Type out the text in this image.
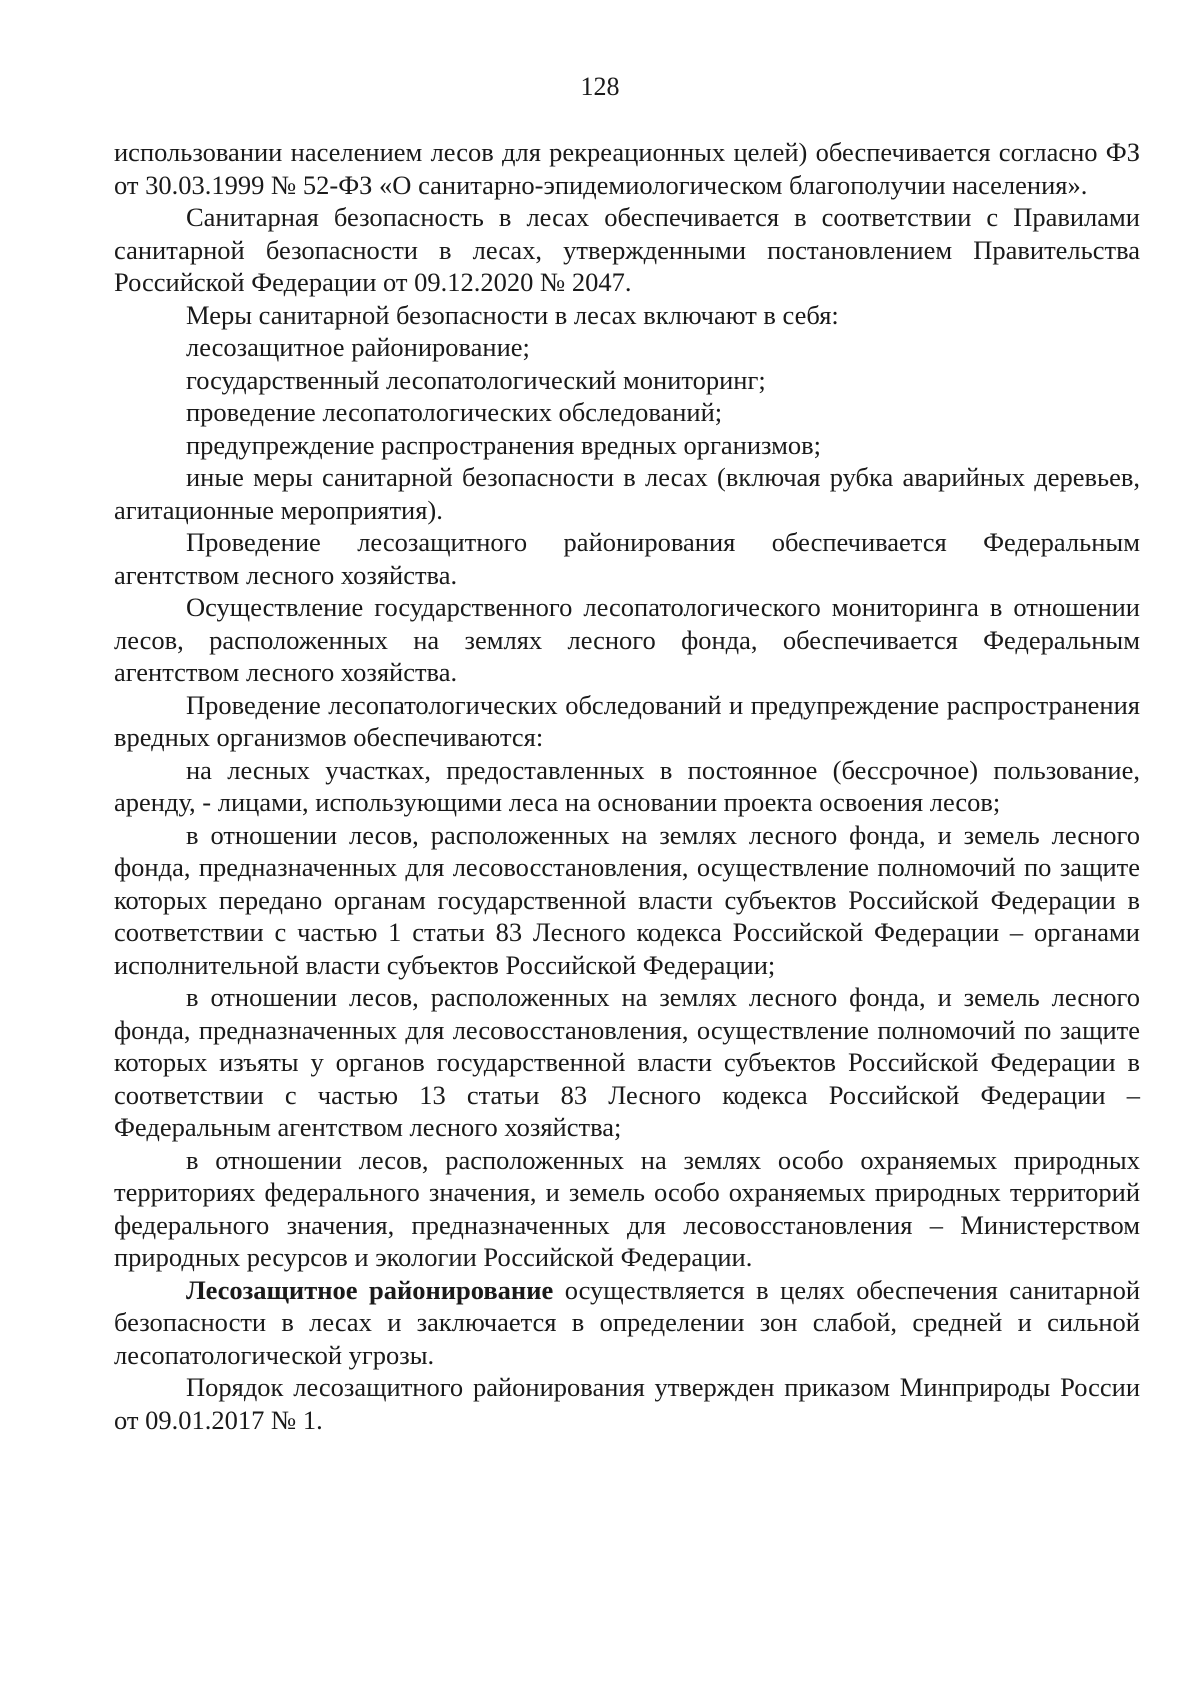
128

использовании населением лесов для рекреационных целей) обеспечивается согласно ФЗ от 30.03.1999 № 52-ФЗ «О санитарно-эпидемиологическом благополучии населения».

Санитарная безопасность в лесах обеспечивается в соответствии с Правилами санитарной безопасности в лесах, утвержденными постановлением Правительства Российской Федерации от 09.12.2020 № 2047.

Меры санитарной безопасности в лесах включают в себя:

лесозащитное районирование;

государственный лесопатологический мониторинг;

проведение лесопатологических обследований;

предупреждение распространения вредных организмов;

иные меры санитарной безопасности в лесах (включая рубка аварийных деревьев, агитационные мероприятия).

Проведение лесозащитного районирования обеспечивается Федеральным агентством лесного хозяйства.

Осуществление государственного лесопатологического мониторинга в отношении лесов, расположенных на землях лесного фонда, обеспечивается Федеральным агентством лесного хозяйства.

Проведение лесопатологических обследований и предупреждение распространения вредных организмов обеспечиваются:

на лесных участках, предоставленных в постоянное (бессрочное) пользование, аренду, - лицами, использующими леса на основании проекта освоения лесов;

в отношении лесов, расположенных на землях лесного фонда, и земель лесного фонда, предназначенных для лесовосстановления, осуществление полномочий по защите которых передано органам государственной власти субъектов Российской Федерации в соответствии с частью 1 статьи 83 Лесного кодекса Российской Федерации – органами исполнительной власти субъектов Российской Федерации;

в отношении лесов, расположенных на землях лесного фонда, и земель лесного фонда, предназначенных для лесовосстановления, осуществление полномочий по защите которых изъяты у органов государственной власти субъектов Российской Федерации в соответствии с частью 13 статьи 83 Лесного кодекса Российской Федерации – Федеральным агентством лесного хозяйства;

в отношении лесов, расположенных на землях особо охраняемых природных территориях федерального значения, и земель особо охраняемых природных территорий федерального значения, предназначенных для лесовосстановления – Министерством природных ресурсов и экологии Российской Федерации.

Лесозащитное районирование осуществляется в целях обеспечения санитарной безопасности в лесах и заключается в определении зон слабой, средней и сильной лесопатологической угрозы.

Порядок лесозащитного районирования утвержден приказом Минприроды России от 09.01.2017 № 1.
